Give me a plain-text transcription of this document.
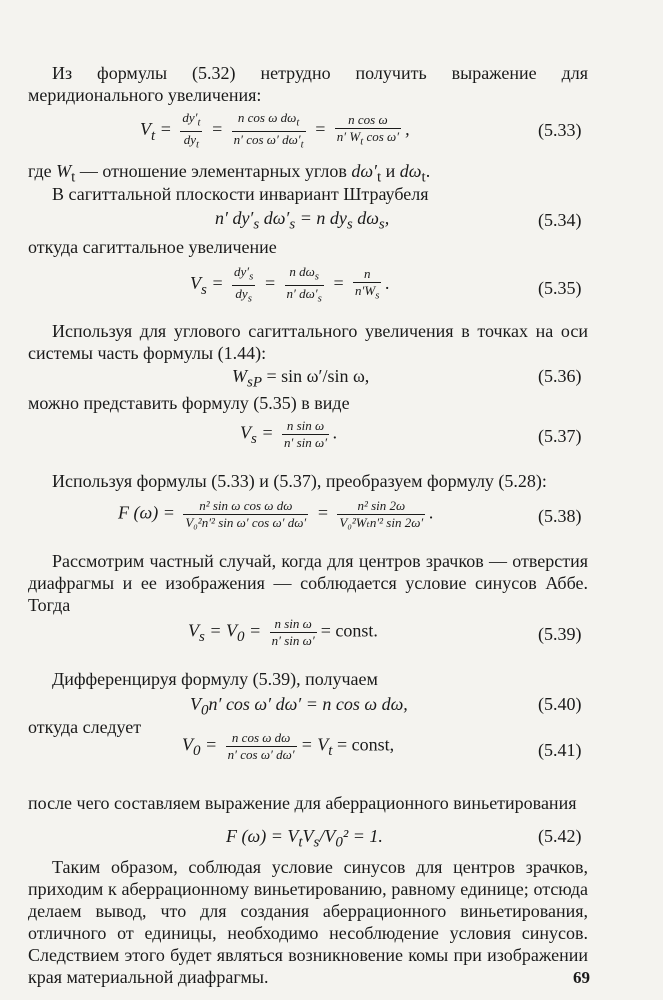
Из формулы (5.32) нетрудно получить выражение для меридионального увеличения:
$V_t = \frac{dy'_t}{dy_t} = \frac{n \cos \omega d\omega_t}{n' \cos \omega' d\omega'_t} = \frac{\text{n cos ω}}{n' W_t \cos \omega'}$ ,	(5.33)
где $W_t$ — отношение элементарных углов $d\omega'_t$ и $d\omega_t$.
В сагиттальной плоскости инвариант Штраубеля
n′ $dy'_s$ $d\omega'_s = n$ $dy_s$ $d\omega_s$,	(5.34)
откуда сагиттальное увеличение
$V_s = \frac{dy'_s}{dy_s} = \frac{n d\omega_s}{n' d\omega'_s} = \frac{n}{n'W_s}$ .	(5.35)
Используя для углового сагиттального увеличения в точках на оси системы часть формулы (1.44):
$W_{sP} = \sin \omega'/\sin$ ω,	(5.36)
можно представить формулу (5.35) в виде
$V_s = \frac{\text{n sin ω}}{\text{n′ sin ω′}}$ .	(5.37)
Используя формулы (5.33) и (5.37), преобразуем формулу (5.28):
F $(\omega) = \frac{\text{n² sin ω cos ω dω}}{\text{V₀²n′² sin ω′ cos ω′ dω′}} = \frac{\text{n² sin 2ω}}{\text{V₀²Wₜn′² sin 2ω′}}$ .	(5.38)
Рассмотрим частный случай, когда для центров зрачков — отверстия диафрагмы и ее изображения — соблюдается условие синусов Аббе. Тогда
$V_s = V_0 = \frac{\text{n sin ω}}{\text{n′ sin ω′}}$ = const.	(5.39)
Дифференцируя формулу (5.39), получаем
$V_0n'$ cos ω′ dω′ = n cos ω dω,	(5.40)
откуда следует
$V_0 = \frac{\text{n cos ω dω}}{\text{n′ cos ω′ dω′}} = V_t$ = const,	(5.41)
после чего составляем выражение для аберрационного виньетирования
F $(\omega) = V_tV_s/V_0^2 = 1$.	(5.42)
Таким образом, соблюдая условие синусов для центров зрачков, приходим к аберрационному виньетированию, равному единице; отсюда делаем вывод, что для создания аберрационного виньетирования, отличного от единицы, необходимо несоблюдение условия синусов. Следствием этого будет являться возникновение комы при изображении края материальной диафрагмы.	69
